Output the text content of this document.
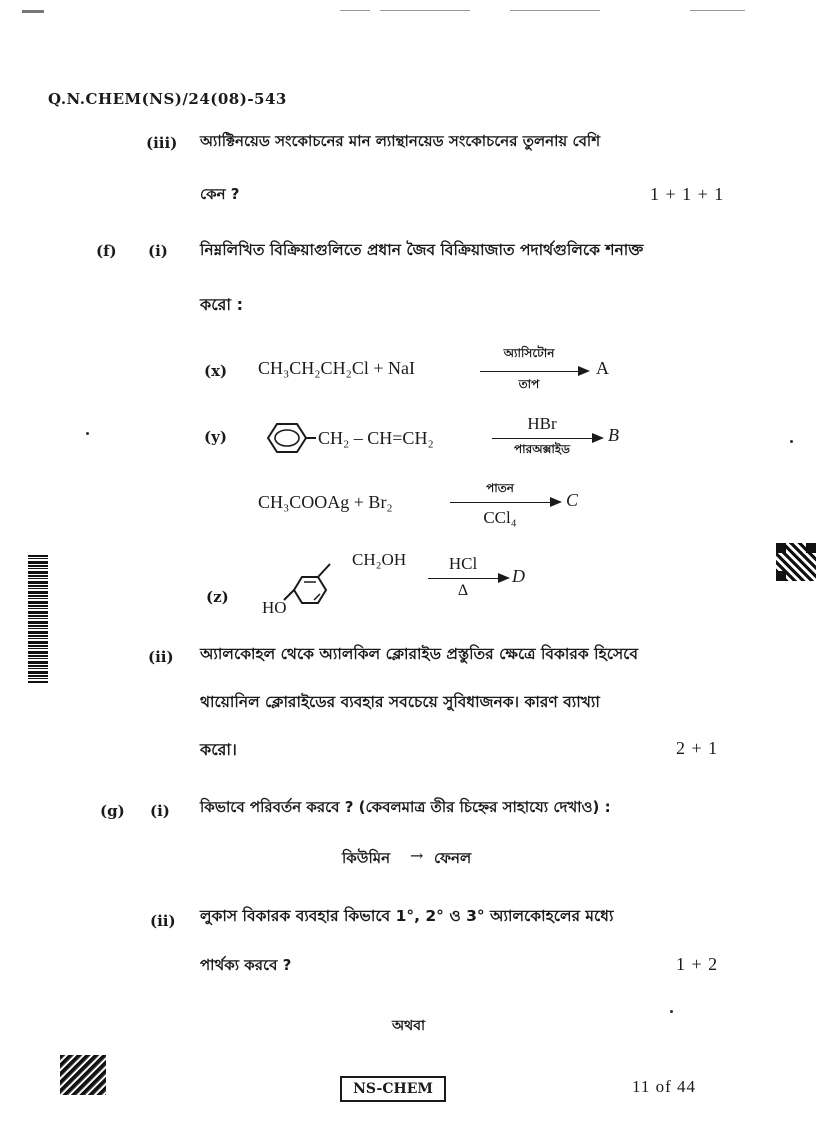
Q.N.CHEM(NS)/24(08)-543
(iii) অ্যাক্টিনয়েড সংকোচনের মান ল্যান্থানয়েড সংকোচনের তুলনায় বেশি
কেন ?	1 + 1 + 1
(f) (i) নিম্নলিখিত বিক্রিয়াগুলিতে প্রধান জৈব বিক্রিয়াজাত পদার্থগুলিকে শনাক্ত
করো :
(x) CH₃CH₂CH₂Cl + NaI
অ্যাসিটোন
তাপ
A
(y)	CH₂ – CH=CH₂
HBr
পারঅক্সাইড
B
CH₃COOAg + Br₂
পাতন
CCl₄
C
(z)
CH₂OH
HO
HCl
Δ
D
(ii) অ্যালকোহল থেকে অ্যালকিল ক্লোরাইড প্রস্তুতির ক্ষেত্রে বিকারক হিসেবে
থায়োনিল ক্লোরাইডের ব্যবহার সবচেয়ে সুবিধাজনক। কারণ ব্যাখ্যা
করো।	2 + 1
(g) (i) কিভাবে পরিবর্তন করবে ? (কেবলমাত্র তীর চিহ্নের সাহায্যে দেখাও) :
কিউমিন → ফেনল
(ii) লুকাস বিকারক ব্যবহার কিভাবে 1°, 2° ও 3° অ্যালকোহলের মধ্যে
পার্থক্য করবে ?	1 + 2
অথবা
NS-CHEM	11 of 44
